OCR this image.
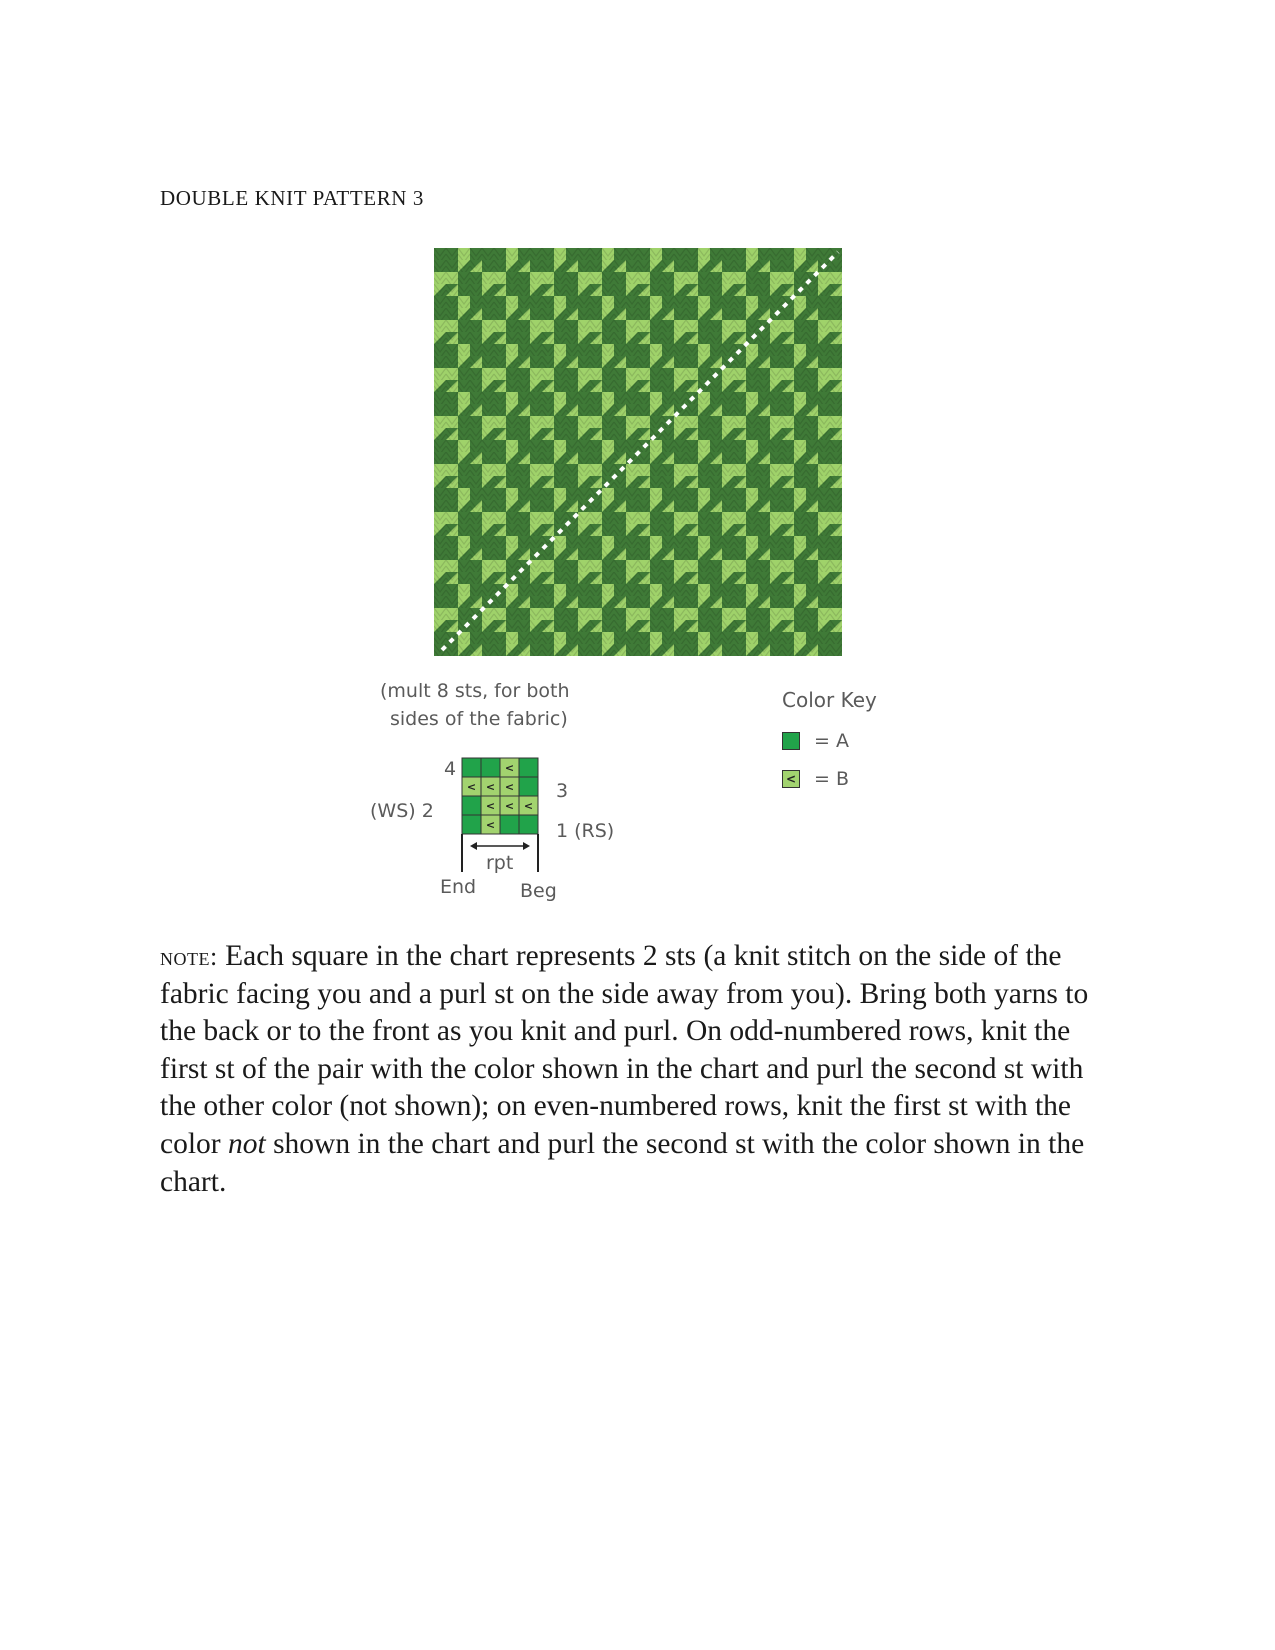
DOUBLE KNIT PATTERN 3
(mult 8 sts, for both
sides of the fabric)
4
3
(WS) 2
1 (RS)
<
< < <
< < <
<
rpt
End Beg
Color Key
= A
< = B

note: Each square in the chart represents 2 sts (a knit stitch on the side of the fabric facing you and a purl st on the side away from you). Bring both yarns to the back or to the front as you knit and purl. On odd-numbered rows, knit the first st of the pair with the color shown in the chart and purl the second st with the other color (not shown); on even-numbered rows, knit the first st with the color not shown in the chart and purl the second st with the color shown in the chart.
